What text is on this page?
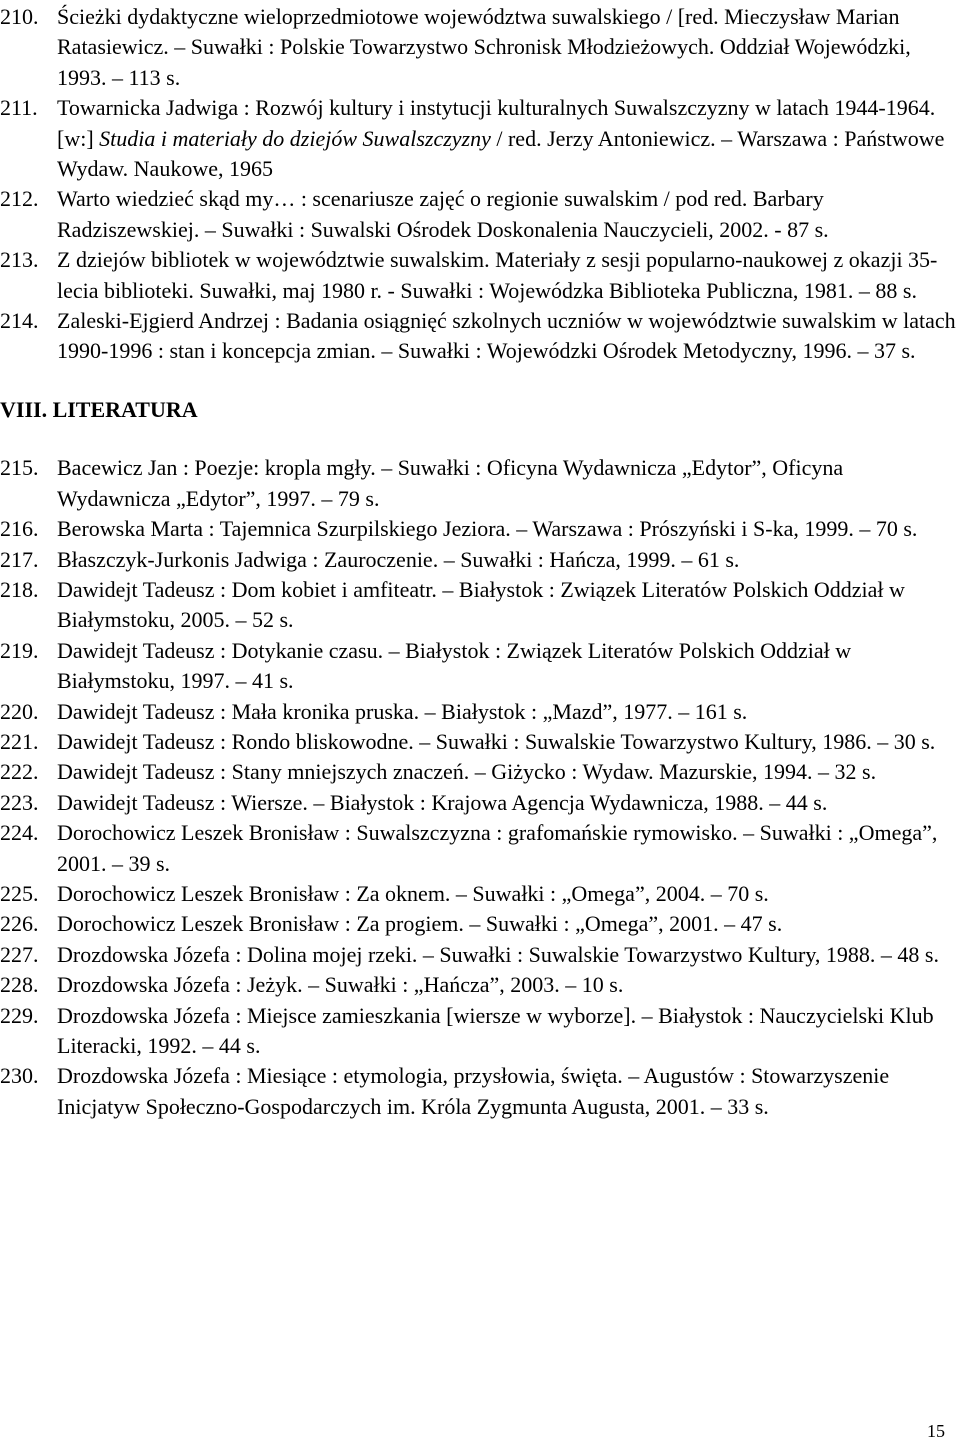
210. Ścieżki dydaktyczne wieloprzedmiotowe województwa suwalskiego / [red. Mieczysław Marian Ratasiewicz. – Suwałki : Polskie Towarzystwo Schronisk Młodzieżowych. Oddział Wojewódzki, 1993. – 113 s.
211. Towarnicka Jadwiga : Rozwój kultury i instytucji kulturalnych Suwalszczyzny w latach 1944-1964. [w:] Studia i materiały do dziejów Suwalszczyzny / red. Jerzy Antoniewicz. – Warszawa : Państwowe Wydaw. Naukowe, 1965
212. Warto wiedzieć skąd my… : scenariusze zajęć o regionie suwalskim / pod red. Barbary Radziszewskiej. – Suwałki : Suwalski Ośrodek Doskonalenia Nauczycieli, 2002. - 87 s.
213. Z dziejów bibliotek w województwie suwalskim. Materiały z sesji popularno-naukowej z okazji 35-lecia biblioteki. Suwałki, maj 1980 r. - Suwałki : Wojewódzka Biblioteka Publiczna, 1981. – 88 s.
214. Zaleski-Ejgierd Andrzej : Badania osiągnięć szkolnych uczniów w województwie suwalskim w latach 1990-1996 : stan i koncepcja zmian. – Suwałki : Wojewódzki Ośrodek Metodyczny, 1996. – 37 s.
VIII. LITERATURA
215. Bacewicz Jan : Poezje: kropla mgły. – Suwałki : Oficyna Wydawnicza „Edytor”, Oficyna Wydawnicza „Edytor”, 1997. – 79 s.
216. Berowska Marta : Tajemnica Szurpilskiego Jeziora. – Warszawa : Prószyński i S-ka, 1999. – 70 s.
217. Błaszczyk-Jurkonis Jadwiga : Zauroczenie. – Suwałki : Hańcza, 1999. – 61 s.
218. Dawidejt Tadeusz : Dom kobiet i amfiteatr. – Białystok : Związek Literatów Polskich Oddział w Białymstoku, 2005. – 52 s.
219. Dawidejt Tadeusz : Dotykanie czasu. – Białystok : Związek Literatów Polskich Oddział w Białymstoku, 1997. – 41 s.
220. Dawidejt Tadeusz : Mała kronika pruska. – Białystok : „Mazd”, 1977. – 161 s.
221. Dawidejt Tadeusz : Rondo bliskowodne. – Suwałki : Suwalskie Towarzystwo Kultury, 1986. – 30 s.
222. Dawidejt Tadeusz : Stany mniejszych znaczeń. – Giżycko : Wydaw. Mazurskie, 1994. – 32 s.
223. Dawidejt Tadeusz : Wiersze. – Białystok : Krajowa Agencja Wydawnicza, 1988. – 44 s.
224. Dorochowicz Leszek Bronisław : Suwalszczyzna : grafomańskie rymowisko. – Suwałki : „Omega”, 2001. – 39 s.
225. Dorochowicz Leszek Bronisław : Za oknem. – Suwałki : „Omega”, 2004. – 70 s.
226. Dorochowicz Leszek Bronisław : Za progiem. – Suwałki : „Omega”, 2001. – 47 s.
227. Drozdowska Józefa : Dolina mojej rzeki. – Suwałki : Suwalskie Towarzystwo Kultury, 1988. – 48 s.
228. Drozdowska Józefa : Jeżyk. – Suwałki : „Hańcza”, 2003. – 10 s.
229. Drozdowska Józefa : Miejsce zamieszkania [wiersze w wyborze]. – Białystok : Nauczycielski Klub Literacki, 1992. – 44 s.
230. Drozdowska Józefa : Miesiące : etymologia, przysłowia, święta. – Augustów : Stowarzyszenie Inicjatyw Społeczno-Gospodarczych im. Króla Zygmunta Augusta, 2001. – 33 s.
15
